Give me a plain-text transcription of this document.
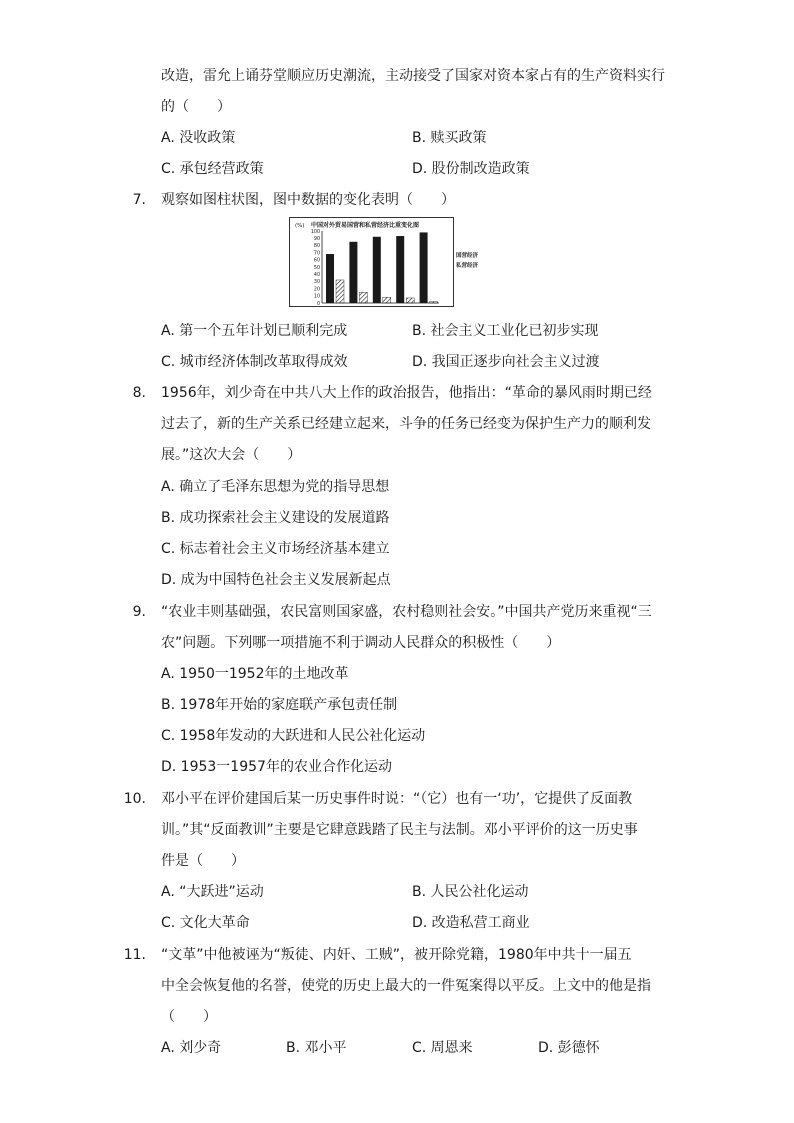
改造，雷允上诵芬堂顺应历史潮流，主动接受了国家对资本家占有的生产资料实行
的（　　）
A. 没收政策	B. 赎买政策
C. 承包经营政策	D. 股份制改造政策
7. 观察如图柱状图，图中数据的变化表明（　　）
(%) 中国对外贸易国营和私营经济比重变化图
100
90
80
70
60
50
40
30
20
10
0
国营经济
私营经济
A. 第一个五年计划已顺利完成	B. 社会主义工业化已初步实现
C. 城市经济体制改革取得成效	D. 我国正逐步向社会主义过渡
8. 1956年，刘少奇在中共八大上作的政治报告，他指出：“革命的暴风雨时期已经
过去了，新的生产关系已经建立起来，斗争的任务已经变为保护生产力的顺利发
展。”这次大会（　　）
A. 确立了毛泽东思想为党的指导思想
B. 成功探索社会主义建设的发展道路
C. 标志着社会主义市场经济基本建立
D. 成为中国特色社会主义发展新起点
9. “农业丰则基础强，农民富则国家盛，农村稳则社会安。”中国共产党历来重视“三
农”问题。下列哪一项措施不利于调动人民群众的积极性（　　）
A. 1950一1952年的土地改革
B. 1978年开始的家庭联产承包责任制
C. 1958年发动的大跃进和人民公社化运动
D. 1953一1957年的农业合作化运动
10. 邓小平在评价建国后某一历史事件时说：“（它）也有一‘功’，它提供了反面教
训。”其“反面教训”主要是它肆意践踏了民主与法制。邓小平评价的这一历史事
件是（　　）
A. “大跃进”运动	B. 人民公社化运动
C. 文化大革命	D. 改造私营工商业
11. “文革”中他被诬为“叛徒、内奸、工贼”，被开除党籍，1980年中共十一届五
中全会恢复他的名誉，使党的历史上最大的一件冤案得以平反。上文中的他是指
（　　）
A. 刘少奇	B. 邓小平	C. 周恩来	D. 彭德怀
